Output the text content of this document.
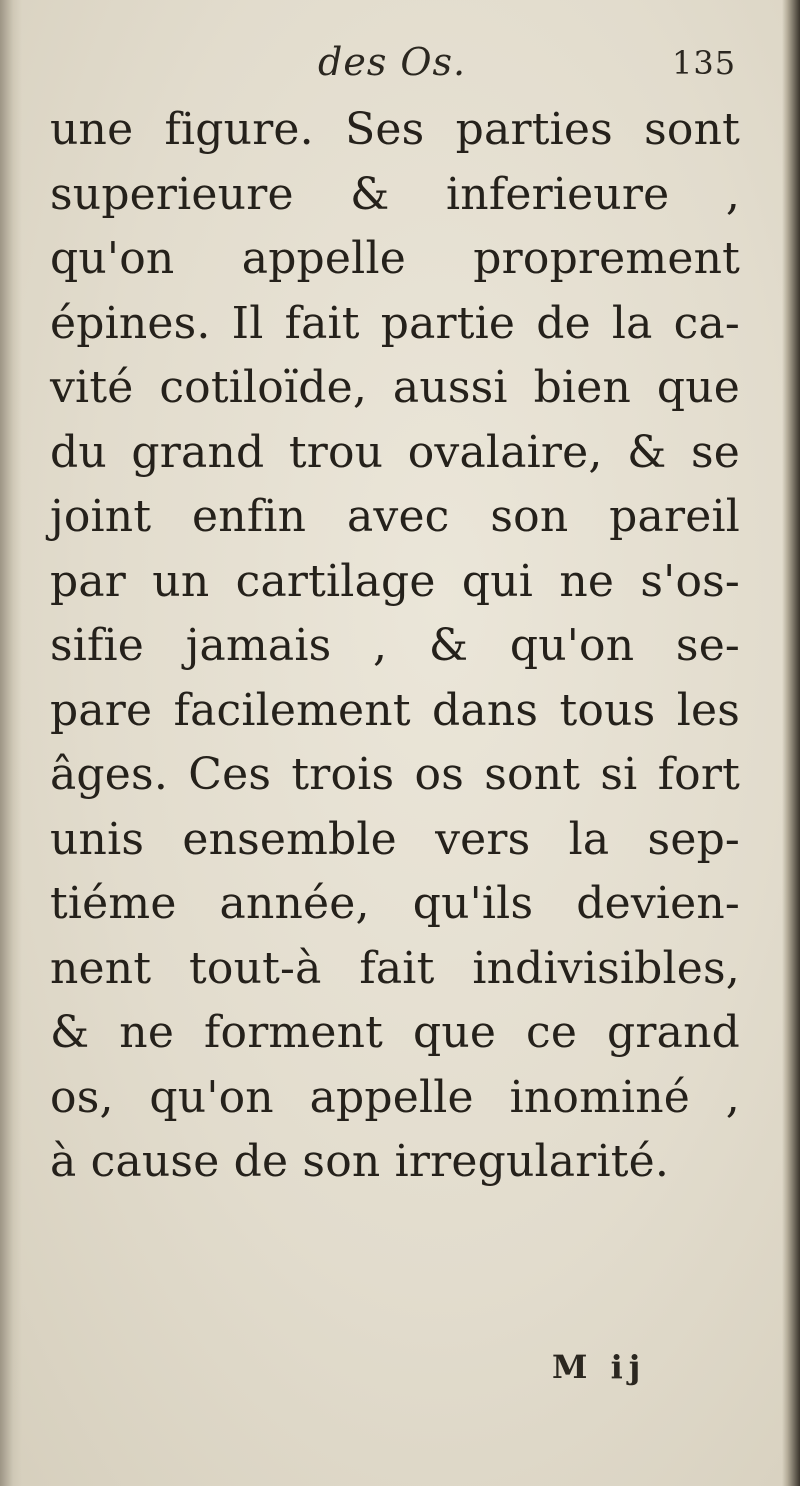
des Os.	135
une figure. Ses parties sont
superieure & inferieure ,
qu'on appelle proprement
épines. Il fait partie de la ca-
vité cotiloïde, aussi bien que
du grand trou ovalaire, & se
joint enfin avec son pareil
par un cartilage qui ne s'os-
sifie jamais , & qu'on se-
pare facilement dans tous les
âges. Ces trois os sont si fort
unis ensemble vers la sep-
tiéme année, qu'ils devien-
nent tout-à fait indivisibles,
& ne forment que ce grand
os, qu'on appelle inominé ,
à cause de son irregularité.
M ij
